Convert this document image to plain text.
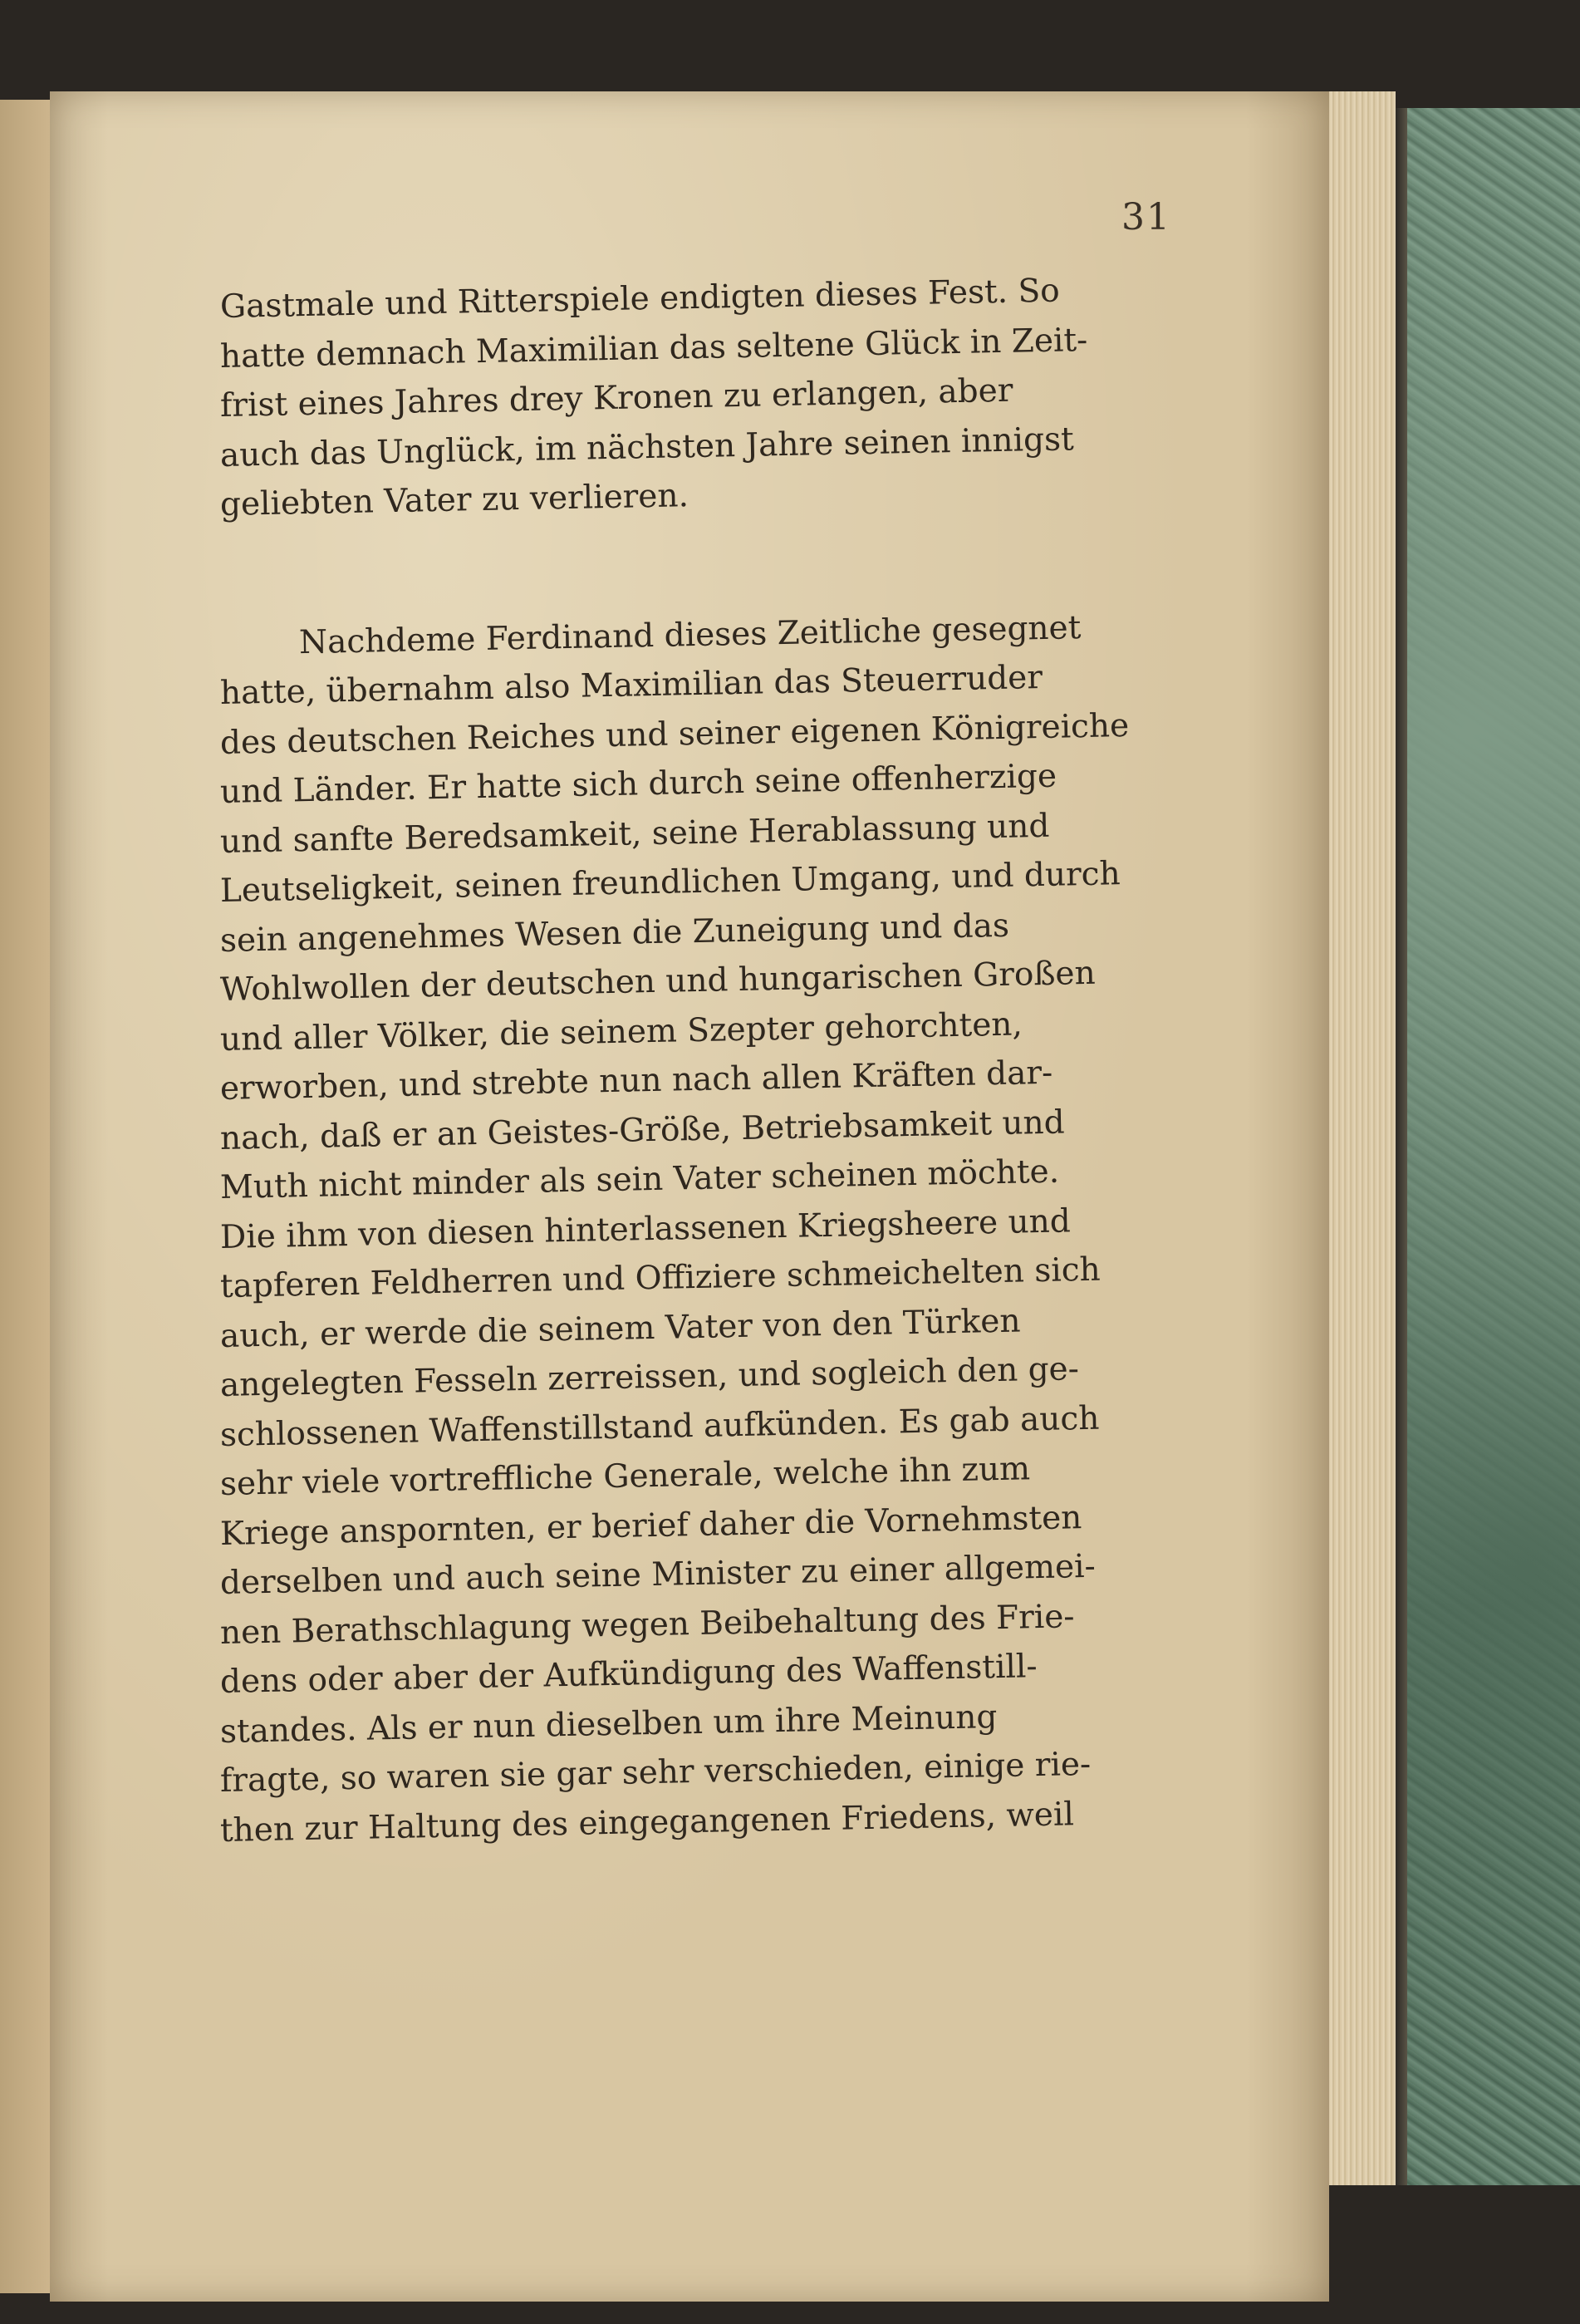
31
Gastmale und Ritterspiele endigten dieses Fest. So
hatte demnach Maximilian das seltene Glück in Zeit-
frist eines Jahres drey Kronen zu erlangen, aber
auch das Unglück, im nächsten Jahre seinen innigst
geliebten Vater zu verlieren.
Nachdeme Ferdinand dieses Zeitliche gesegnet
hatte, übernahm also Maximilian das Steuerruder
des deutschen Reiches und seiner eigenen Königreiche
und Länder. Er hatte sich durch seine offenherzige
und sanfte Beredsamkeit, seine Herablassung und
Leutseligkeit, seinen freundlichen Umgang, und durch
sein angenehmes Wesen die Zuneigung und das
Wohlwollen der deutschen und hungarischen Großen
und aller Völker, die seinem Szepter gehorchten,
erworben, und strebte nun nach allen Kräften dar-
nach, daß er an Geistes-Größe, Betriebsamkeit und
Muth nicht minder als sein Vater scheinen möchte.
Die ihm von diesen hinterlassenen Kriegsheere und
tapferen Feldherren und Offiziere schmeichelten sich
auch, er werde die seinem Vater von den Türken
angelegten Fesseln zerreissen, und sogleich den ge-
schlossenen Waffenstillstand aufkünden. Es gab auch
sehr viele vortreffliche Generale, welche ihn zum
Kriege anspornten, er berief daher die Vornehmsten
derselben und auch seine Minister zu einer allgemei-
nen Berathschlagung wegen Beibehaltung des Frie-
dens oder aber der Aufkündigung des Waffenstill-
standes. Als er nun dieselben um ihre Meinung
fragte, so waren sie gar sehr verschieden, einige rie-
then zur Haltung des eingegangenen Friedens, weil
